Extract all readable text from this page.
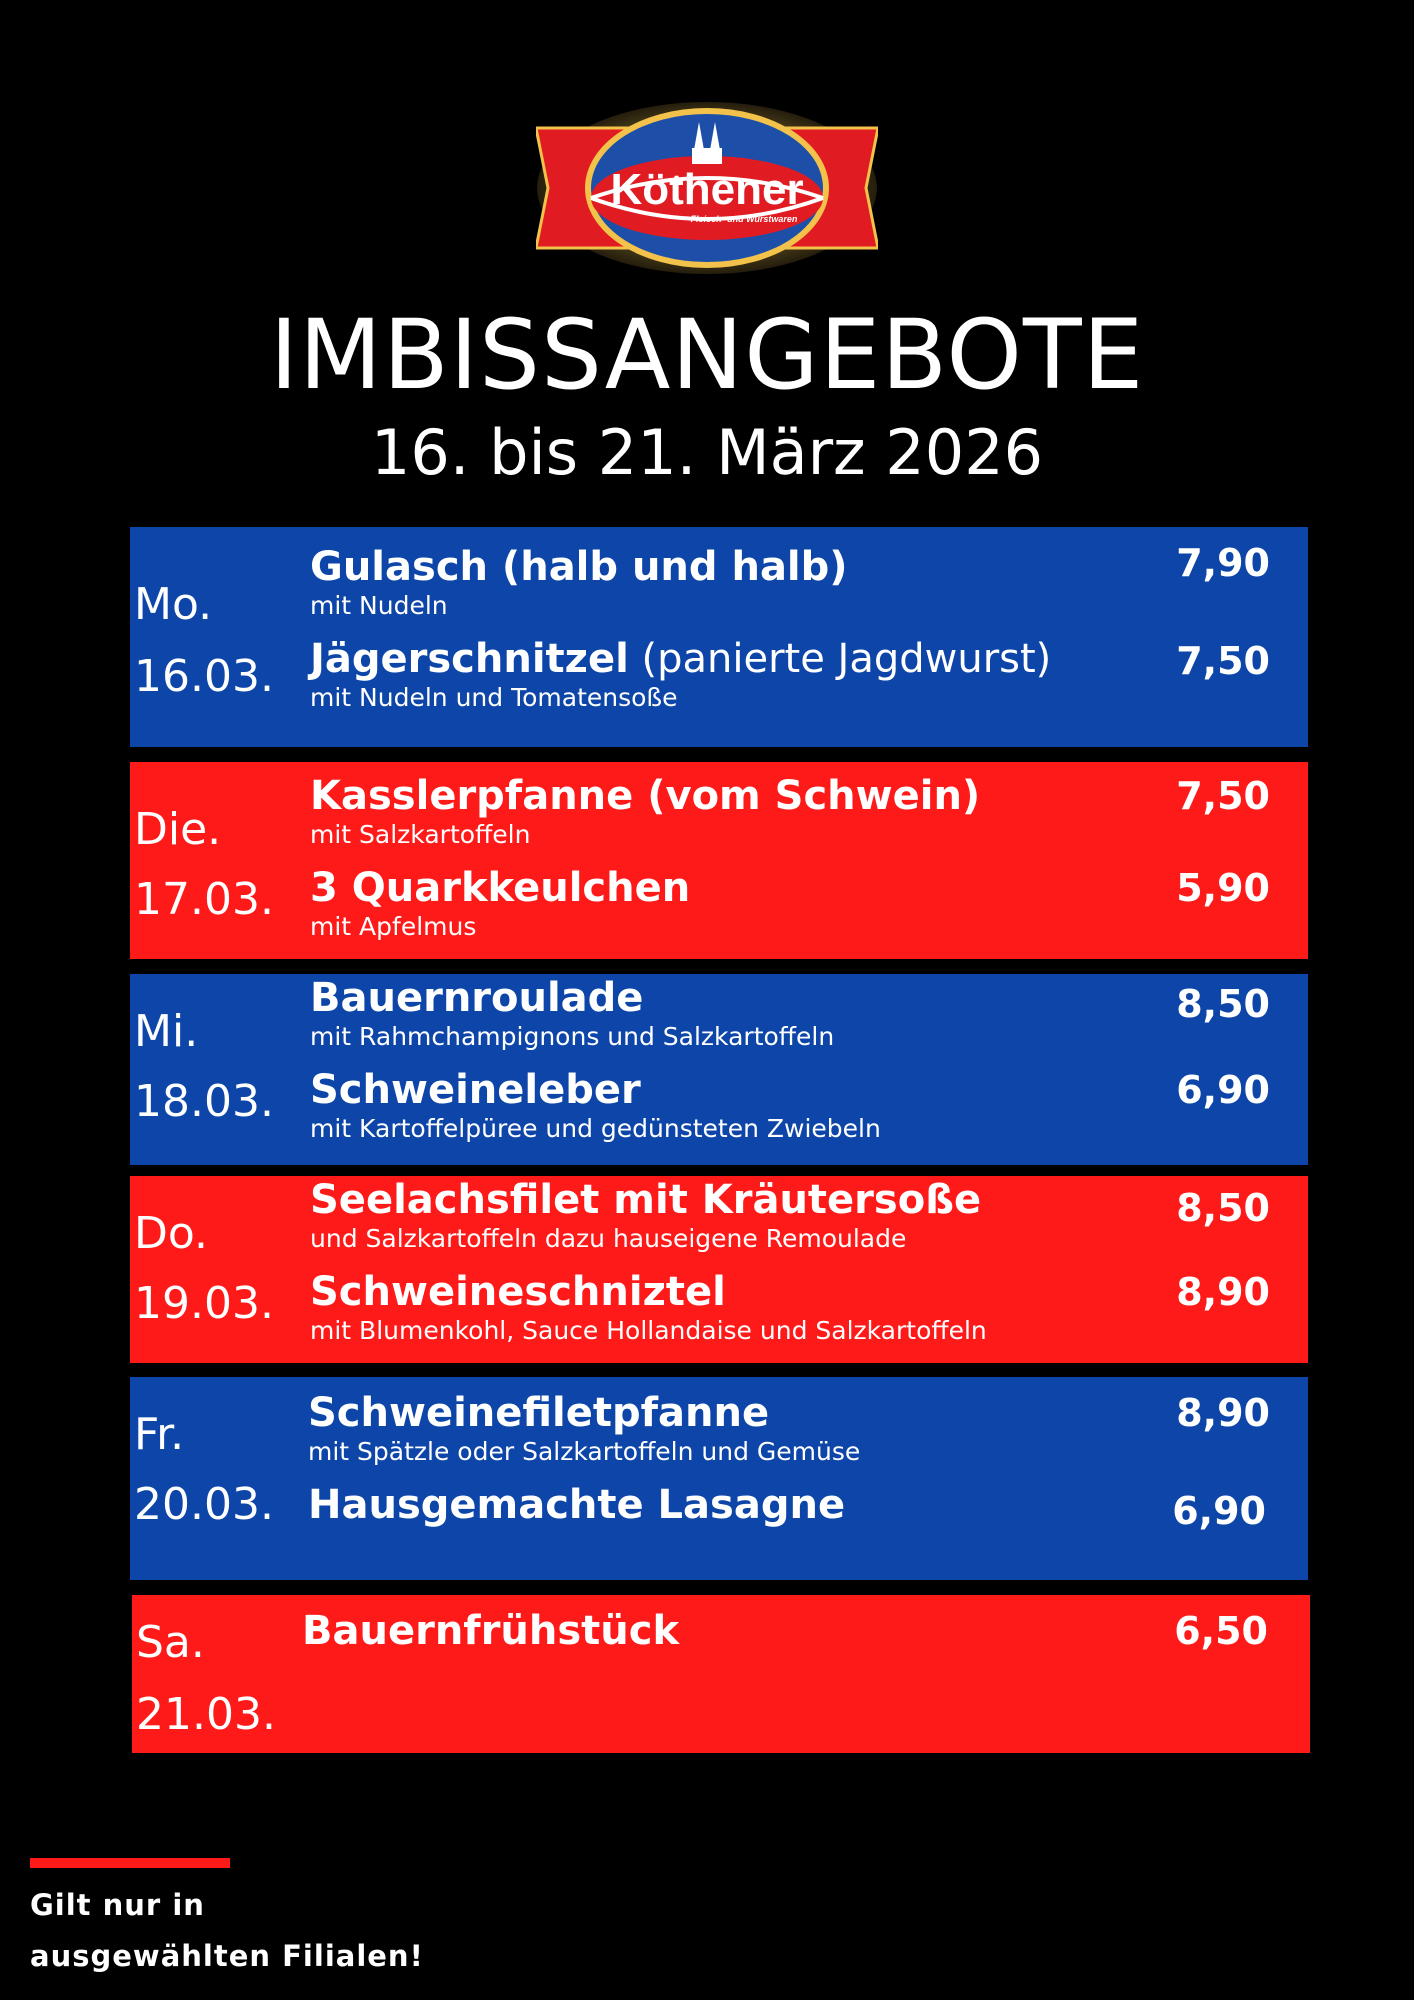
Köthener
Fleisch- und Wurstwaren
IMBISSANGEBOTE
16. bis 21. März 2026
Mo.
16.03.
Gulasch (halb und halb)
mit Nudeln
7,90
Jägerschnitzel (panierte Jagdwurst)
mit Nudeln und Tomatensoße
7,50
Die.
17.03.
Kasslerpfanne (vom Schwein)
mit Salzkartoffeln
7,50
3 Quarkkeulchen
mit Apfelmus
5,90
Mi.
18.03.
Bauernroulade
mit Rahmchampignons und Salzkartoffeln
8,50
Schweineleber
mit Kartoffelpüree und gedünsteten Zwiebeln
6,90
Do.
19.03.
Seelachsfilet mit Kräutersoße
und Salzkartoffeln dazu hauseigene Remoulade
8,50
Schweineschniztel
mit Blumenkohl, Sauce Hollandaise und Salzkartoffeln
8,90
Fr.
20.03.
Schweinefiletpfanne
mit Spätzle oder Salzkartoffeln und Gemüse
8,90
Hausgemachte Lasagne	6,90
Sa.
21.03.
Bauernfrühstück	6,50
Gilt nur in
ausgewählten Filialen!
